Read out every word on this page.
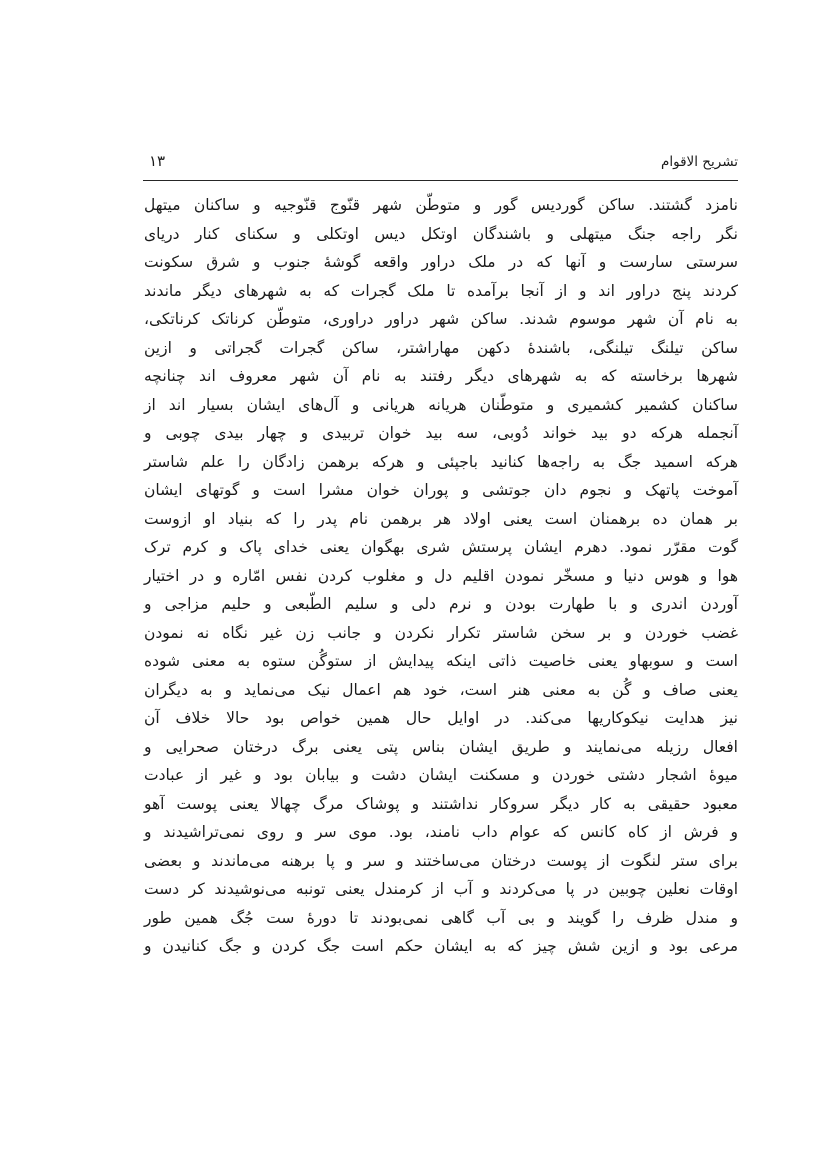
تشریح الاقوام
۱۳
نامزد گشتند. ساکن گوردیس گور و متوطّن شهر قنّوج قنّوجیه و ساکنان میتهل
نگر راجه جنگ میتهلی و باشندگان اوتکل دیس اوتکلی و سکنای کنار دریای
سرستی سارست و آنها که در ملک دراور واقعه گوشهٔ جنوب و شرق سکونت
کردند پنج دراور اند و از آنجا برآمده تا ملک گجرات که به شهرهای دیگر ماندند
به نام آن شهر موسوم شدند. ساکن شهر دراور دراوری، متوطّن کرناتک کرناتکی،
ساکن تیلنگ تیلنگی، باشندهٔ دکهن مهاراشتر، ساکن گجرات گجراتی و ازین
شهرها برخاسته که به شهرهای دیگر رفتند به نام آن شهر معروف اند چنانچه
ساکنان کشمیر کشمیری و متوطّنان هریانه هریانی و آل‌های ایشان بسیار اند از
آنجمله هرکه دو بید خواند دُوبی، سه بید خوان تربیدی و چهار بیدی چوبی و
هرکه اسمید جگ به راجه‌ها کنانید باجپئی و هرکه برهمن زادگان را علم شاستر
آموخت پاتهک و نجوم دان جوتشی و پوران خوان مشرا است و گوتهای ایشان
بر همان ده برهمنان است یعنی اولاد هر برهمن نام پدر را که بنیاد او ازوست
گوت مقرّر نمود. دهرم ایشان پرستش شری بهگوان یعنی خدای پاک و کرم ترک
هوا و هوس دنیا و مسخّر نمودن اقلیم دل و مغلوب کردن نفس امّاره و در اختیار
آوردن اندری و با طهارت بودن و نرم دلی و سلیم الطّبعی و حلیم مزاجی و
غضب خوردن و بر سخن شاستر تکرار نکردن و جانب زن غیر نگاه نه نمودن
است و سوبهاو یعنی خاصیت ذاتی اینکه پیدایش از ستوگُن ستوه به معنی شوده
یعنی صاف و گُن به معنی هنر است، خود هم اعمال نیک می‌نماید و به دیگران
نیز هدایت نیکوکاریها می‌کند. در اوایل حال همین خواص بود حالا خلاف آن
افعال رزیله می‌نمایند و طریق ایشان بناس پتی یعنی برگ درختان صحرایی و
میوهٔ اشجار دشتی خوردن و مسکنت ایشان دشت و بیابان بود و غیر از عبادت
معبود حقیقی به کار دیگر سروکار نداشتند و پوشاک مرگ چهالا یعنی پوست آهو
و فرش از کاه کانس که عوام داب نامند، بود. موی سر و روی نمی‌تراشیدند و
برای ستر لنگوت از پوست درختان می‌ساختند و سر و پا برهنه می‌ماندند و بعضی
اوقات نعلین چوبین در پا می‌کردند و آب از کرمندل یعنی تونبه می‌نوشیدند کر دست
و مندل ظرف را گویند و بی آب گاهی نمی‌بودند تا دورهٔ ست جُگ همین طور
مرعی بود و ازین شش چیز که به ایشان حکم است جگ کردن و جگ کنانیدن و
